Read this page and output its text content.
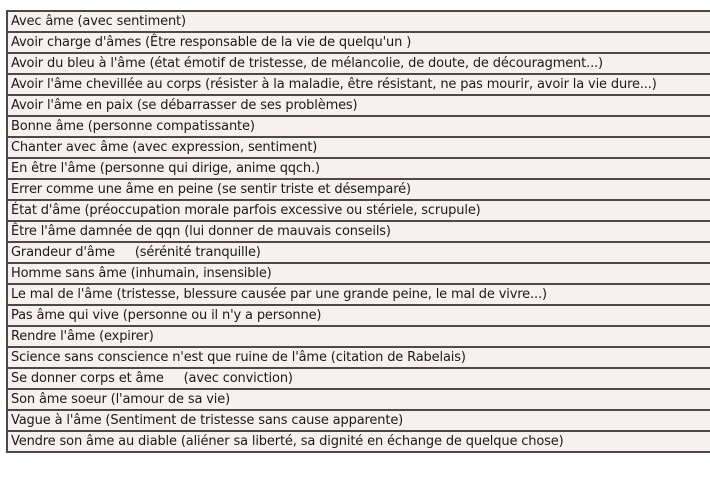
Avec âme (avec sentiment)
Avoir charge d'âmes (Être responsable de la vie de quelqu'un )
Avoir du bleu à l'âme (état émotif de tristesse, de mélancolie, de doute, de découragment...)
Avoir l'âme chevillée au corps (résister à la maladie, être résistant, ne pas mourir, avoir la vie dure...)
Avoir l'âme en paix (se débarrasser de ses problèmes)
Bonne âme (personne compatissante)
Chanter avec âme (avec expression, sentiment)
En être l'âme (personne qui dirige, anime qqch.)
Errer comme une âme en peine (se sentir triste et désemparé)
État d'âme (préoccupation morale parfois excessive ou stériele, scrupule)
Être l'âme damnée de qqn (lui donner de mauvais conseils)
Grandeur d'âme     (sérénité tranquille)
Homme sans âme (inhumain, insensible)
Le mal de l'âme (tristesse, blessure causée par une grande peine, le mal de vivre...)
Pas âme qui vive (personne ou il n'y a personne)
Rendre l'âme (expirer)
Science sans conscience n'est que ruine de l'âme (citation de Rabelais)
Se donner corps et âme     (avec conviction)
Son âme soeur (l'amour de sa vie)
Vague à l'âme (Sentiment de tristesse sans cause apparente)
Vendre son âme au diable (aliéner sa liberté, sa dignité en échange de quelque chose)
